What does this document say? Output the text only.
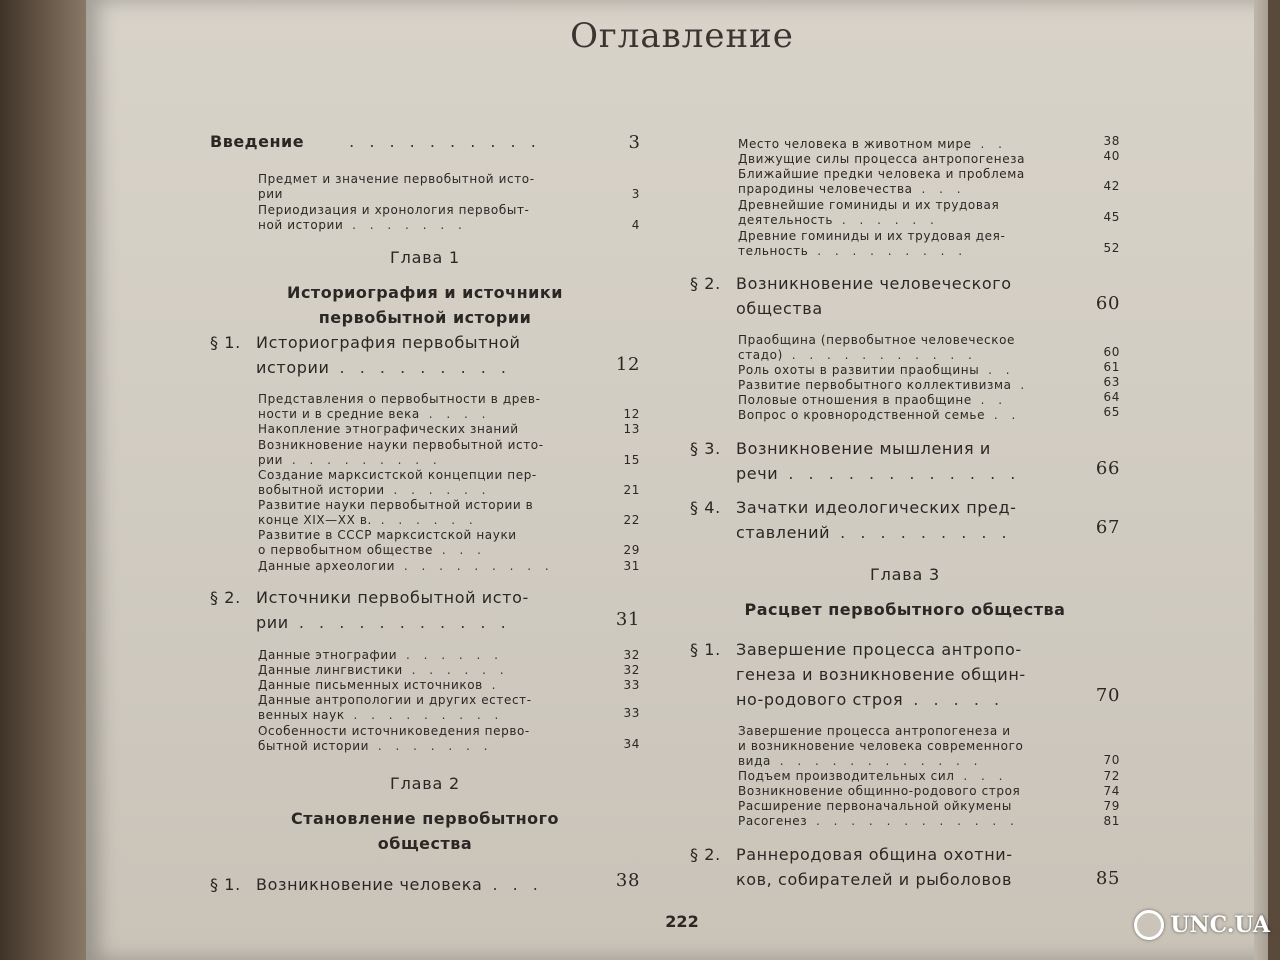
Оглавление
Введение	. . . . . . . . . .	3
Предмет и значение первобытной исто-
рии	3
Периодизация и хронология первобыт-
ной истории . . . . . . .	4
Глава 1
Историография и источники
первобытной истории
§ 1. Историография первобытной
истории . . . . . . . . .	12
Представления о первобытности в древ-
ности и в средние века . . . .	12
Накопление этнографических знаний	13
Возникновение науки первобытной исто-
рии . . . . . . . . .	15
Создание марксистской концепции пер-
вобытной истории . . . . . .	21
Развитие науки первобытной истории в
конце XIX—XX в. . . . . . .	22
Развитие в СССР марксистской науки
о первобытном обществе . . .	29
Данные археологии . . . . . . . . .	31
§ 2. Источники первобытной исто-
рии . . . . . . . . . . .	31
Данные этнографии . . . . . .	32
Данные лингвистики . . . . . .	32
Данные письменных источников .	33
Данные антропологии и других естест-
венных наук . . . . . . . . .	33
Особенности источниковедения перво-
бытной истории . . . . . . .	34
Глава 2
Становление первобытного
общества
§ 1. Возникновение человека . . .	38
Место человека в животном мире . .	38
Движущие силы процесса антропогенеза	40
Ближайшие предки человека и проблема
прародины человечества . . .	42
Древнейшие гоминиды и их трудовая
деятельность . . . . . .	45
Древние гоминиды и их трудовая дея-
тельность . . . . . . . . .	52
§ 2. Возникновение человеческого
общества	60
Праобщина (первобытное человеческое
стадо) . . . . . . . . . . .	60
Роль охоты в развитии праобщины . .	61
Развитие первобытного коллективизма .	63
Половые отношения в праобщине . .	64
Вопрос о кровнородственной семье . .	65
§ 3. Возникновение мышления и
речи . . . . . . . . . . . .	66
§ 4. Зачатки идеологических пред-
ставлений . . . . . . . . .	67
Глава 3
Расцвет первобытного общества
§ 1. Завершение процесса антропо-
генеза и возникновение общин-
но-родового строя . . . . .	70
Завершение процесса антропогенеза и
и возникновение человека современного
вида . . . . . . . . . . . .	70
Подъем производительных сил . . .	72
Возникновение общинно-родового строя	74
Расширение первоначальной ойкумены	79
Расогенез . . . . . . . . . . . .	81
§ 2. Раннеродовая община охотни-
ков, собирателей и рыболовов	85
222	UNC.UA
